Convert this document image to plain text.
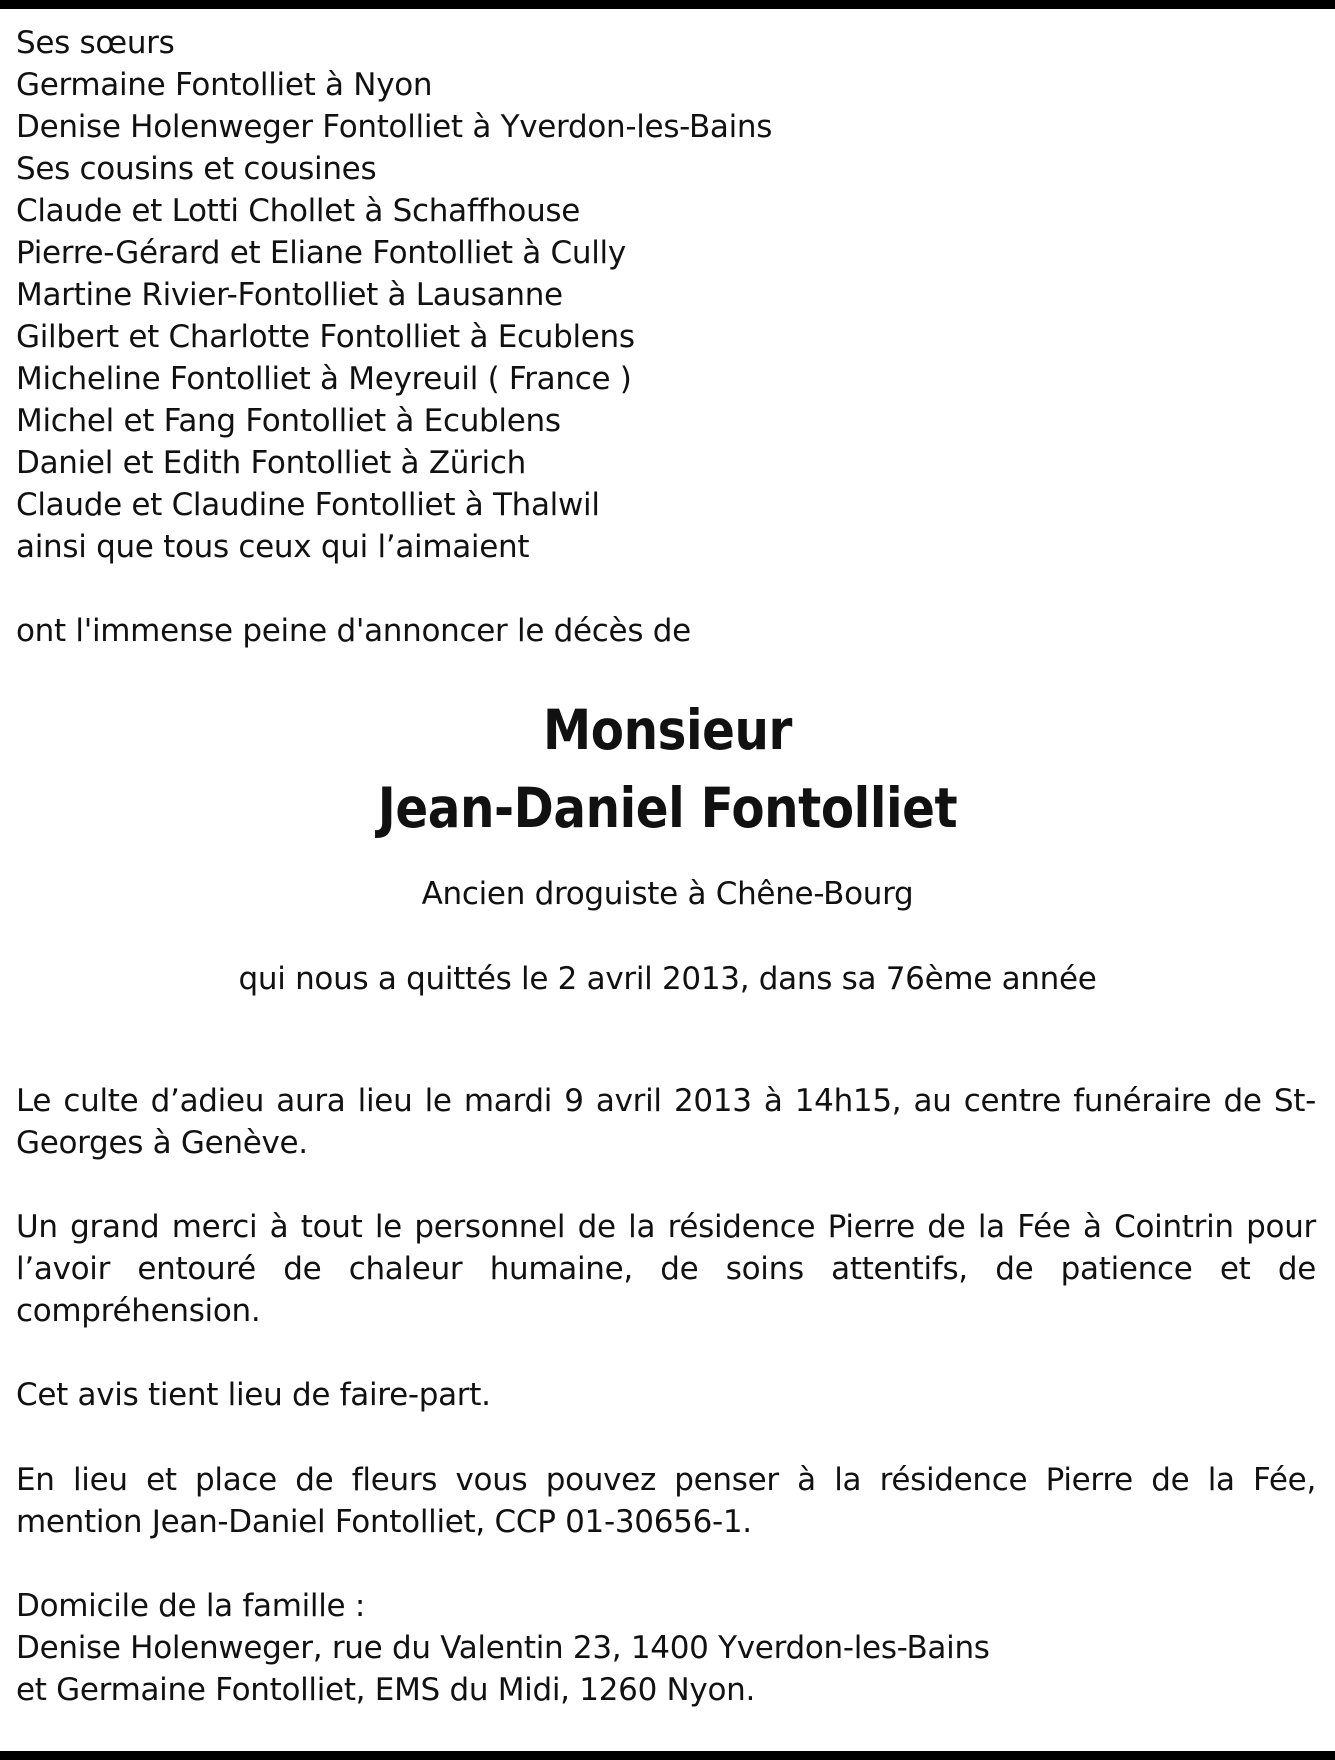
Ses sœurs
Germaine Fontolliet à Nyon
Denise Holenweger Fontolliet à Yverdon-les-Bains
Ses cousins et cousines
Claude et Lotti Chollet à Schaffhouse
Pierre-Gérard et Eliane Fontolliet à Cully
Martine Rivier-Fontolliet à Lausanne
Gilbert et Charlotte Fontolliet à Ecublens
Micheline Fontolliet à Meyreuil ( France )
Michel et Fang Fontolliet à Ecublens
Daniel et Edith Fontolliet à Zürich
Claude et Claudine Fontolliet à Thalwil
ainsi que tous ceux qui l’aimaient
ont l'immense peine d'annoncer le décès de
Monsieur
Jean-Daniel Fontolliet
Ancien droguiste à Chêne-Bourg
qui nous a quittés le 2 avril 2013, dans sa 76ème année

Le culte d’adieu aura lieu le mardi 9 avril 2013 à 14h15, au centre funéraire de St-Georges à Genève.

Un grand merci à tout le personnel de la résidence Pierre de la Fée à Cointrin pour l’avoir entouré de chaleur humaine, de soins attentifs, de patience et de compréhension.

Cet avis tient lieu de faire-part.

En lieu et place de fleurs vous pouvez penser à la résidence Pierre de la Fée, mention Jean-Daniel Fontolliet, CCP 01-30656-1.

Domicile de la famille :
Denise Holenweger, rue du Valentin 23, 1400 Yverdon-les-Bains
et Germaine Fontolliet, EMS du Midi, 1260 Nyon.
